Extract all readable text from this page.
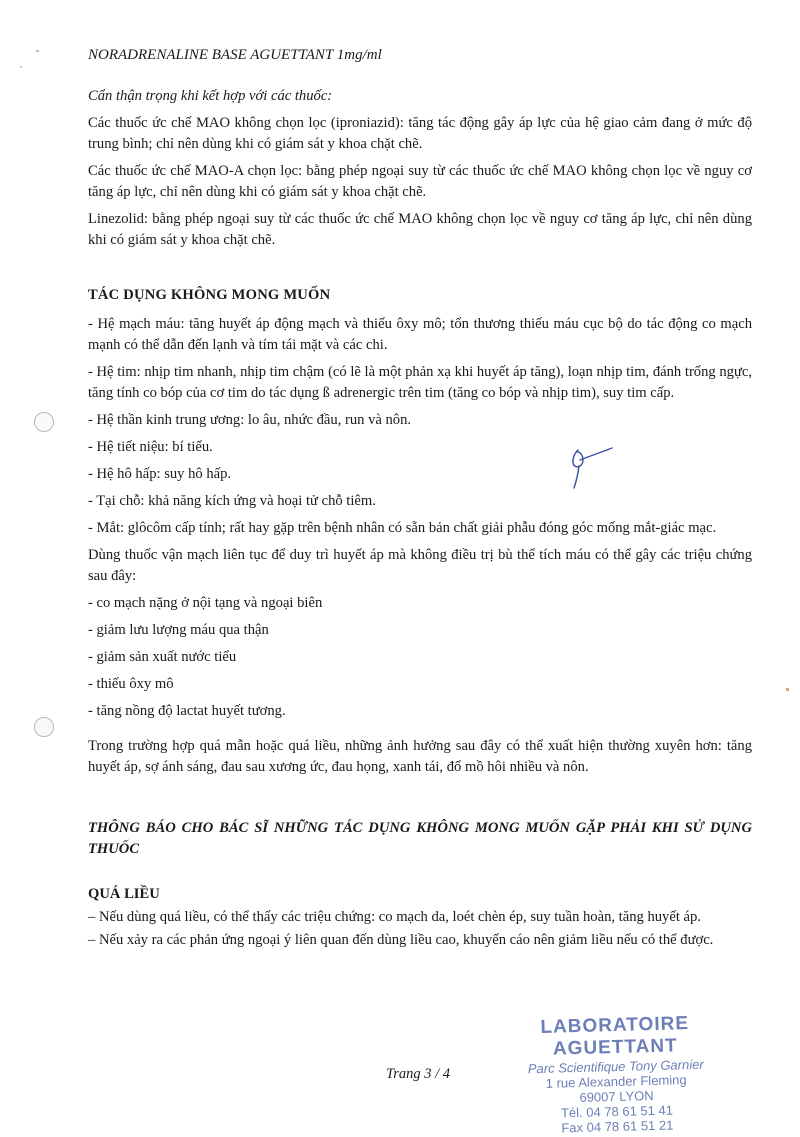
NORADRENALINE BASE AGUETTANT 1mg/ml

Cẩn thận trọng khi kết hợp với các thuốc:

Các thuốc ức chế MAO không chọn lọc (iproniazid): tăng tác động gây áp lực của hệ giao cảm đang ở mức độ trung bình; chỉ nên dùng khi có giám sát y khoa chặt chẽ.

Các thuốc ức chế MAO-A chọn lọc: bằng phép ngoại suy từ các thuốc ức chế MAO không chọn lọc về nguy cơ tăng áp lực, chỉ nên dùng khi có giám sát y khoa chặt chẽ.

Linezolid: bằng phép ngoại suy từ các thuốc ức chế MAO không chọn lọc về nguy cơ tăng áp lực, chỉ nên dùng khi có giám sát y khoa chặt chẽ.

TÁC DỤNG KHÔNG MONG MUỐN

- Hệ mạch máu: tăng huyết áp động mạch và thiếu ôxy mô; tổn thương thiếu máu cục bộ do tác động co mạch mạnh có thể dẫn đến lạnh và tím tái mặt và các chi.

- Hệ tim: nhịp tim nhanh, nhịp tim chậm (có lẽ là một phản xạ khi huyết áp tăng), loạn nhịp tim, đánh trống ngực, tăng tính co bóp của cơ tim do tác dụng ß adrenergic trên tim (tăng co bóp và nhịp tim), suy tim cấp.

- Hệ thần kinh trung ương: lo âu, nhức đầu, run và nôn.

- Hệ tiết niệu: bí tiểu.

- Hệ hô hấp: suy hô hấp.

- Tại chỗ: khả năng kích ứng và hoại tử chỗ tiêm.

- Mắt: glôcôm cấp tính; rất hay gặp trên bệnh nhân có sẵn bản chất giải phẫu đóng góc mống mắt-giác mạc.

Dùng thuốc vận mạch liên tục để duy trì huyết áp mà không điều trị bù thể tích máu có thể gây các triệu chứng sau đây:

- co mạch nặng ở nội tạng và ngoại biên

- giảm lưu lượng máu qua thận

- giảm sản xuất nước tiểu

- thiếu ôxy mô

- tăng nồng độ lactat huyết tương.

Trong trường hợp quá mẫn hoặc quá liều, những ảnh hưởng sau đây có thể xuất hiện thường xuyên hơn: tăng huyết áp, sợ ánh sáng, đau sau xương ức, đau họng, xanh tái, đổ mồ hôi nhiều và nôn.

THÔNG BÁO CHO BÁC SĨ NHỮNG TÁC DỤNG KHÔNG MONG MUỐN GẶP PHẢI KHI SỬ DỤNG THUỐC

QUÁ LIỀU

– Nếu dùng quá liều, có thể thấy các triệu chứng: co mạch da, loét chèn ép, suy tuần hoàn, tăng huyết áp.

– Nếu xảy ra các phản ứng ngoại ý liên quan đến dùng liều cao, khuyến cáo nên giảm liều nếu có thể được.

Trang 3 / 4
LABORATOIRE AGUETTANT
Parc Scientifique Tony Garnier
1 rue Alexander Fleming
69007 LYON
Tél. 04 78 61 51 41
Fax 04 78 61 51 21
